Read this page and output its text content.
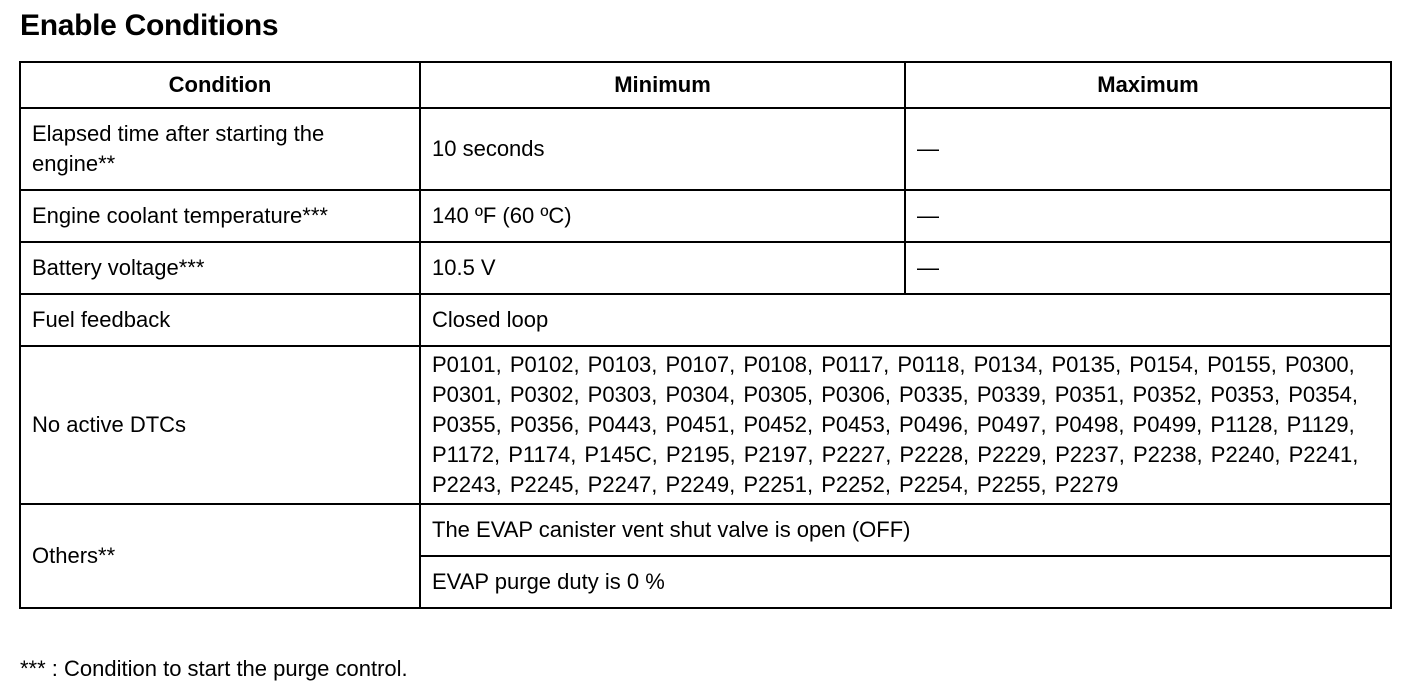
Enable Conditions
Condition	Minimum	Maximum
Elapsed time after starting the engine**	10 seconds	—
Engine coolant temperature***	140 ºF (60 ºC)	—
Battery voltage***	10.5 V	—
Fuel feedback	Closed loop	
No active DTCs	P0101, P0102, P0103, P0107, P0108, P0117, P0118, P0134, P0135, P0154, P0155, P0300, P0301, P0302, P0303, P0304, P0305, P0306, P0335, P0339, P0351, P0352, P0353, P0354, P0355, P0356, P0443, P0451, P0452, P0453, P0496, P0497, P0498, P0499, P1128, P1129, P1172, P1174, P145C, P2195, P2197, P2227, P2228, P2229, P2237, P2238, P2240, P2241, P2243, P2245, P2247, P2249, P2251, P2252, P2254, P2255, P2279	
Others**	The EVAP canister vent shut valve is open (OFF)	
	EVAP purge duty is 0 %	

*** : Condition to start the purge control.
